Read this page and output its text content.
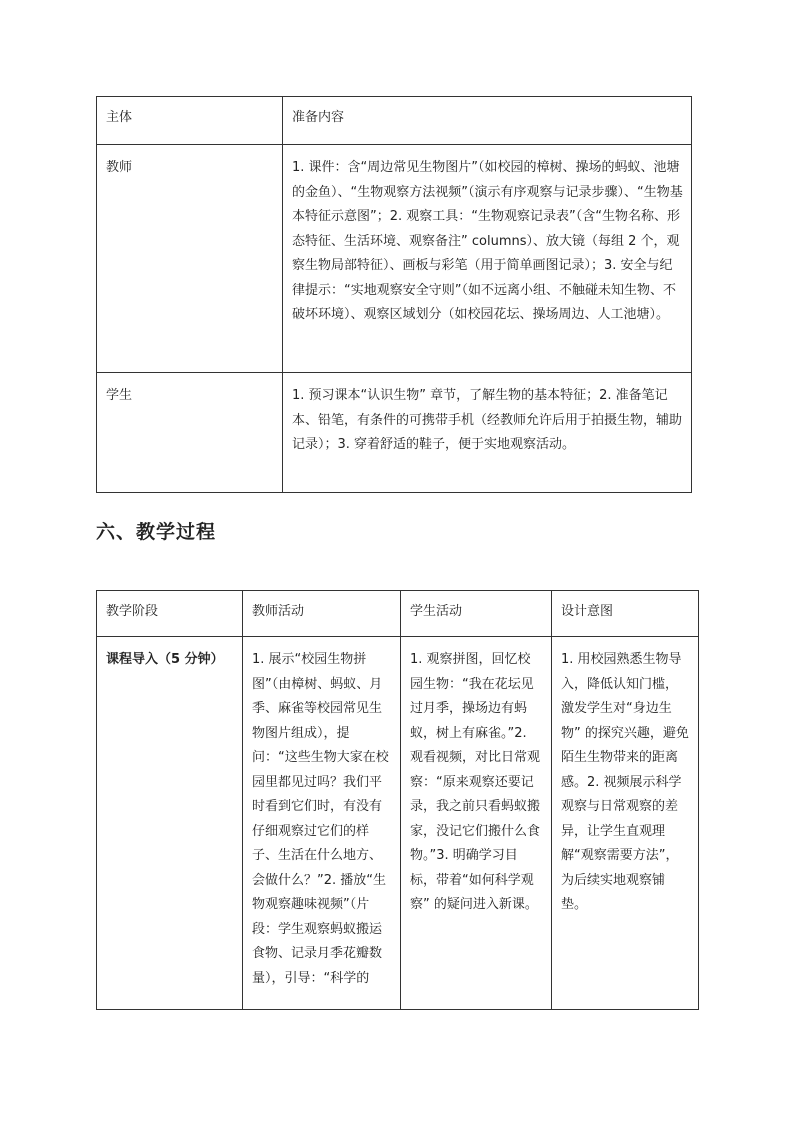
主体	准备内容
教师	1. 课件：含“周边常见生物图片”（如校园的樟树、操场的蚂蚁、池塘的金鱼）、“生物观察方法视频”（演示有序观察与记录步骤）、“生物基本特征示意图”；2. 观察工具：“生物观察记录表”（含“生物名称、形态特征、生活环境、观察备注” columns）、放大镜（每组 2 个，观察生物局部特征）、画板与彩笔（用于简单画图记录）；3. 安全与纪律提示：“实地观察安全守则”（如不远离小组、不触碰未知生物、不破坏环境）、观察区域划分（如校园花坛、操场周边、人工池塘）。
学生	1. 预习课本“认识生物” 章节，了解生物的基本特征；2. 准备笔记本、铅笔，有条件的可携带手机（经教师允许后用于拍摄生物，辅助记录）；3. 穿着舒适的鞋子，便于实地观察活动。
六、教学过程
教学阶段	教师活动	学生活动	设计意图
课程导入（5 分钟）	1. 展示“校园生物拼图”（由樟树、蚂蚁、月季、麻雀等校园常见生物图片组成），提问：“这些生物大家在校园里都见过吗？我们平时看到它们时，有没有仔细观察过它们的样子、生活在什么地方、会做什么？”2. 播放“生物观察趣味视频”（片段：学生观察蚂蚁搬运食物、记录月季花瓣数量），引导：“科学的	1. 观察拼图，回忆校园生物：“我在花坛见过月季，操场边有蚂蚁，树上有麻雀。”2. 观看视频，对比日常观察：“原来观察还要记录，我之前只看蚂蚁搬家，没记它们搬什么食物。”3. 明确学习目标，带着“如何科学观察” 的疑问进入新课。	1. 用校园熟悉生物导入，降低认知门槛，激发学生对“身边生物” 的探究兴趣，避免陌生生物带来的距离感。2. 视频展示科学观察与日常观察的差异，让学生直观理解“观察需要方法”，为后续实地观察铺垫。
